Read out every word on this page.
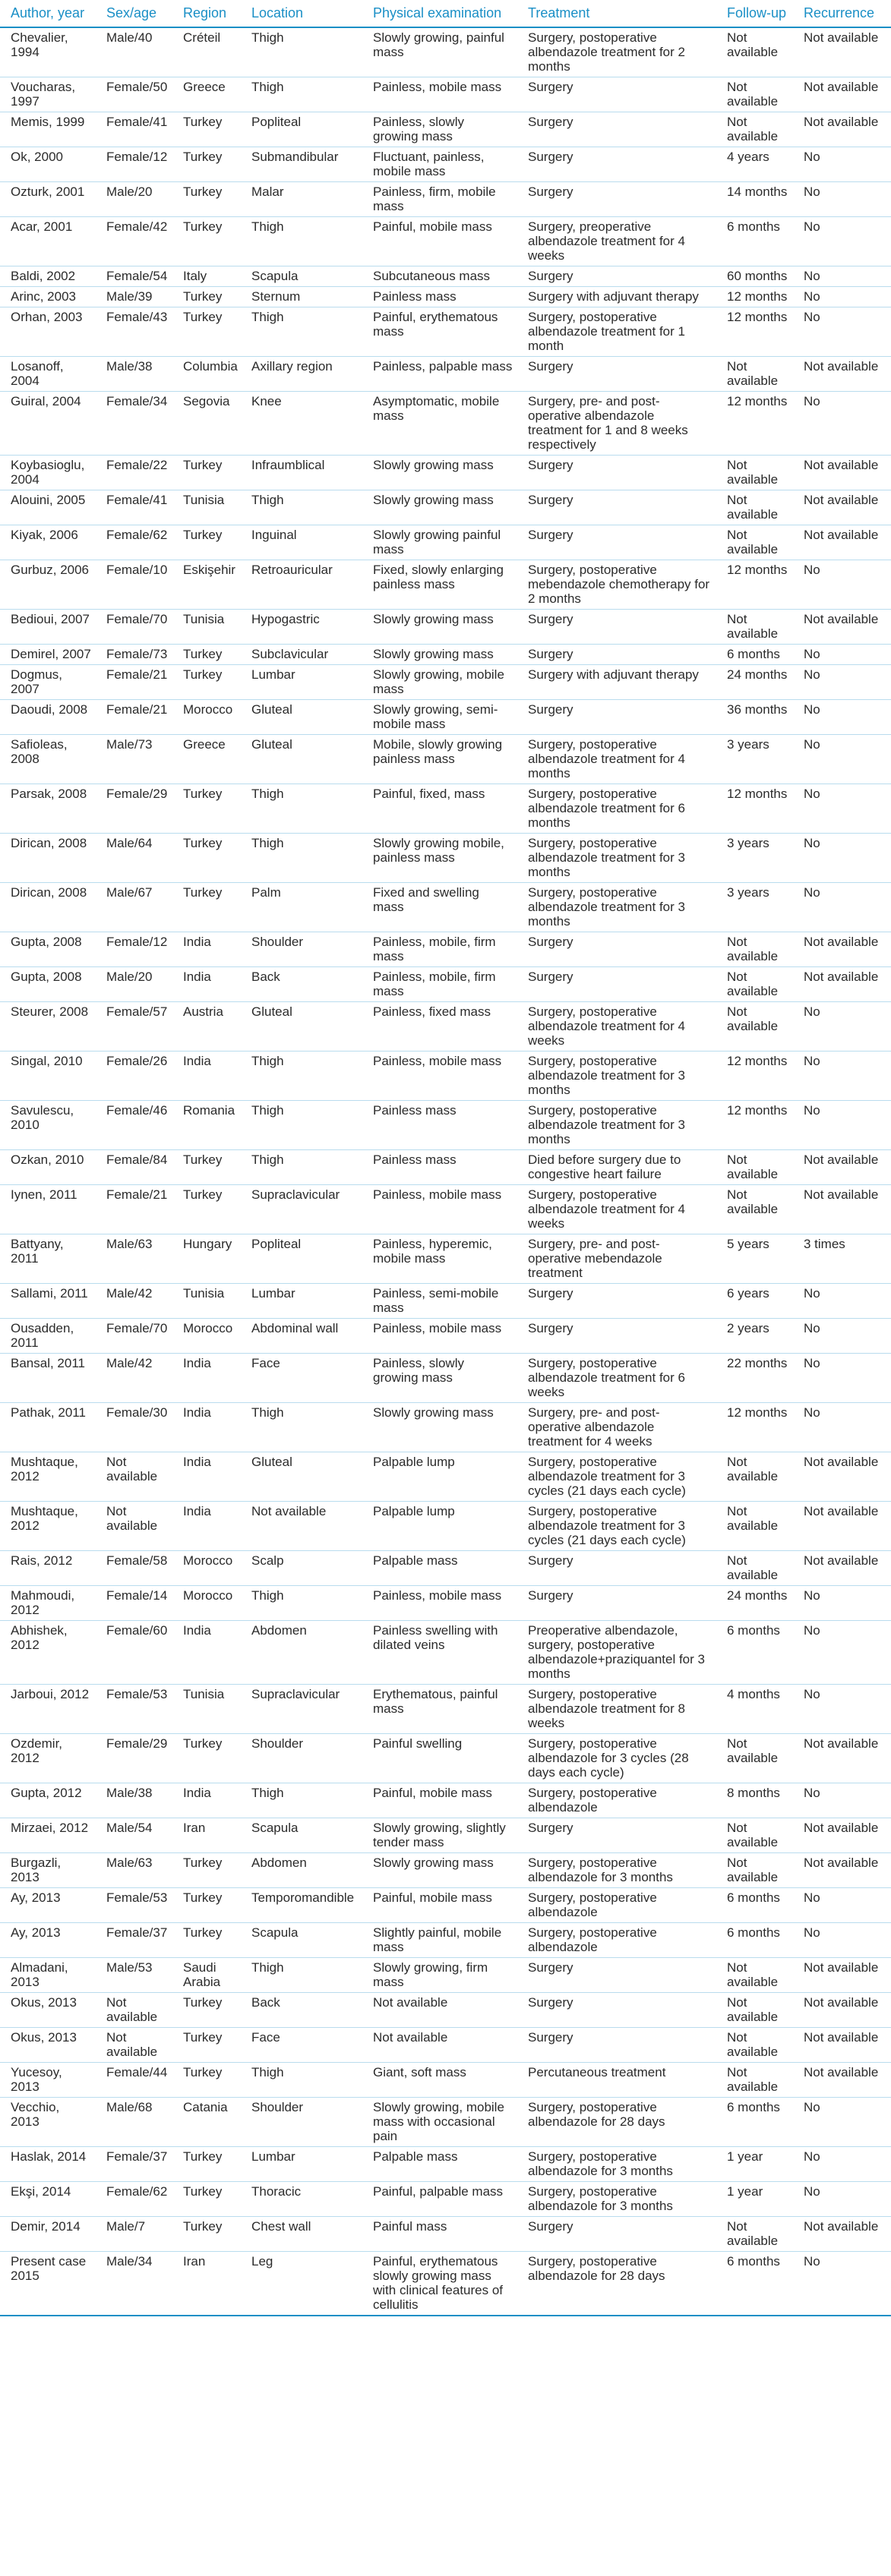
Author, year	Sex/age	Region	Location	Physical examination	Treatment	Follow-up	Recurrence
Chevalier, 1994	Male/40	Créteil	Thigh	Slowly growing, painful mass	Surgery, postoperative albendazole treatment for 2 months	Not available	Not available
Voucharas, 1997	Female/50	Greece	Thigh	Painless, mobile mass	Surgery	Not available	Not available
Memis, 1999	Female/41	Turkey	Popliteal	Painless, slowly growing mass	Surgery	Not available	Not available
Ok, 2000	Female/12	Turkey	Submandibular	Fluctuant, painless, mobile mass	Surgery	4 years	No
Ozturk, 2001	Male/20	Turkey	Malar	Painless, firm, mobile mass	Surgery	14 months	No
Acar, 2001	Female/42	Turkey	Thigh	Painful, mobile mass	Surgery, preoperative albendazole treatment for 4 weeks	6 months	No
Baldi, 2002	Female/54	Italy	Scapula	Subcutaneous mass	Surgery	60 months	No
Arinc, 2003	Male/39	Turkey	Sternum	Painless mass	Surgery with adjuvant therapy	12 months	No
Orhan, 2003	Female/43	Turkey	Thigh	Painful, erythematous mass	Surgery, postoperative albendazole treatment for 1 month	12 months	No
Losanoff, 2004	Male/38	Columbia	Axillary region	Painless, palpable mass	Surgery	Not available	Not available
Guiral, 2004	Female/34	Segovia	Knee	Asymptomatic, mobile mass	Surgery, pre- and post-operative albendazole treatment for 1 and 8 weeks respectively	12 months	No
Koybasioglu, 2004	Female/22	Turkey	Infraumblical	Slowly growing mass	Surgery	Not available	Not available
Alouini, 2005	Female/41	Tunisia	Thigh	Slowly growing mass	Surgery	Not available	Not available
Kiyak, 2006	Female/62	Turkey	Inguinal	Slowly growing painful mass	Surgery	Not available	Not available
Gurbuz, 2006	Female/10	Eskişehir	Retroauricular	Fixed, slowly enlarging painless mass	Surgery, postoperative mebendazole chemotherapy for 2 months	12 months	No
Bedioui, 2007	Female/70	Tunisia	Hypogastric	Slowly growing mass	Surgery	Not available	Not available
Demirel, 2007	Female/73	Turkey	Subclavicular	Slowly growing mass	Surgery	6 months	No
Dogmus, 2007	Female/21	Turkey	Lumbar	Slowly growing, mobile mass	Surgery with adjuvant therapy	24 months	No
Daoudi, 2008	Female/21	Morocco	Gluteal	Slowly growing, semi-mobile mass	Surgery	36 months	No
Safioleas, 2008	Male/73	Greece	Gluteal	Mobile, slowly growing painless mass	Surgery, postoperative albendazole treatment for 4 months	3 years	No
Parsak, 2008	Female/29	Turkey	Thigh	Painful, fixed, mass	Surgery, postoperative albendazole treatment for 6 months	12 months	No
Dirican, 2008	Male/64	Turkey	Thigh	Slowly growing mobile, painless mass	Surgery, postoperative albendazole treatment for 3 months	3 years	No
Dirican, 2008	Male/67	Turkey	Palm	Fixed and swelling mass	Surgery, postoperative albendazole treatment for 3 months	3 years	No
Gupta, 2008	Female/12	India	Shoulder	Painless, mobile, firm mass	Surgery	Not available	Not available
Gupta, 2008	Male/20	India	Back	Painless, mobile, firm mass	Surgery	Not available	Not available
Steurer, 2008	Female/57	Austria	Gluteal	Painless, fixed mass	Surgery, postoperative albendazole treatment for 4 weeks	Not available	No
Singal, 2010	Female/26	India	Thigh	Painless, mobile mass	Surgery, postoperative albendazole treatment for 3 months	12 months	No
Savulescu, 2010	Female/46	Romania	Thigh	Painless mass	Surgery, postoperative albendazole treatment for 3 months	12 months	No
Ozkan, 2010	Female/84	Turkey	Thigh	Painless mass	Died before surgery due to congestive heart failure	Not available	Not available
Iynen, 2011	Female/21	Turkey	Supraclavicular	Painless, mobile mass	Surgery, postoperative albendazole treatment for 4 weeks	Not available	Not available
Battyany, 2011	Male/63	Hungary	Popliteal	Painless, hyperemic, mobile mass	Surgery, pre- and post-operative mebendazole treatment	5 years	3 times
Sallami, 2011	Male/42	Tunisia	Lumbar	Painless, semi-mobile mass	Surgery	6 years	No
Ousadden, 2011	Female/70	Morocco	Abdominal wall	Painless, mobile mass	Surgery	2 years	No
Bansal, 2011	Male/42	India	Face	Painless, slowly growing mass	Surgery, postoperative albendazole treatment for 6 weeks	22 months	No
Pathak, 2011	Female/30	India	Thigh	Slowly growing mass	Surgery, pre- and post-operative albendazole treatment for 4 weeks	12 months	No
Mushtaque, 2012	Not available	India	Gluteal	Palpable lump	Surgery, postoperative albendazole treatment for 3 cycles (21 days each cycle)	Not available	Not available
Mushtaque, 2012	Not available	India	Not available	Palpable lump	Surgery, postoperative albendazole treatment for 3 cycles (21 days each cycle)	Not available	Not available
Rais, 2012	Female/58	Morocco	Scalp	Palpable mass	Surgery	Not available	Not available
Mahmoudi, 2012	Female/14	Morocco	Thigh	Painless, mobile mass	Surgery	24 months	No
Abhishek, 2012	Female/60	India	Abdomen	Painless swelling with dilated veins	Preoperative albendazole, surgery, postoperative albendazole+praziquantel for 3 months	6 months	No
Jarboui, 2012	Female/53	Tunisia	Supraclavicular	Erythematous, painful mass	Surgery, postoperative albendazole treatment for 8 weeks	4 months	No
Ozdemir, 2012	Female/29	Turkey	Shoulder	Painful swelling	Surgery, postoperative albendazole for 3 cycles (28 days each cycle)	Not available	Not available
Gupta, 2012	Male/38	India	Thigh	Painful, mobile mass	Surgery, postoperative albendazole	8 months	No
Mirzaei, 2012	Male/54	Iran	Scapula	Slowly growing, slightly tender mass	Surgery	Not available	Not available
Burgazli, 2013	Male/63	Turkey	Abdomen	Slowly growing mass	Surgery, postoperative albendazole for 3 months	Not available	Not available
Ay, 2013	Female/53	Turkey	Temporomandible	Painful, mobile mass	Surgery, postoperative albendazole	6 months	No
Ay, 2013	Female/37	Turkey	Scapula	Slightly painful, mobile mass	Surgery, postoperative albendazole	6 months	No
Almadani, 2013	Male/53	Saudi Arabia	Thigh	Slowly growing, firm mass	Surgery	Not available	Not available
Okus, 2013	Not available	Turkey	Back	Not available	Surgery	Not available	Not available
Okus, 2013	Not available	Turkey	Face	Not available	Surgery	Not available	Not available
Yucesoy, 2013	Female/44	Turkey	Thigh	Giant, soft mass	Percutaneous treatment	Not available	Not available
Vecchio, 2013	Male/68	Catania	Shoulder	Slowly growing, mobile mass with occasional pain	Surgery, postoperative albendazole for 28 days	6 months	No
Haslak, 2014	Female/37	Turkey	Lumbar	Palpable mass	Surgery, postoperative albendazole for 3 months	1 year	No
Ekşi, 2014	Female/62	Turkey	Thoracic	Painful, palpable mass	Surgery, postoperative albendazole for 3 months	1 year	No
Demir, 2014	Male/7	Turkey	Chest wall	Painful mass	Surgery	Not available	Not available
Present case 2015	Male/34	Iran	Leg	Painful, erythematous slowly growing mass with clinical features of cellulitis	Surgery, postoperative albendazole for 28 days	6 months	No
